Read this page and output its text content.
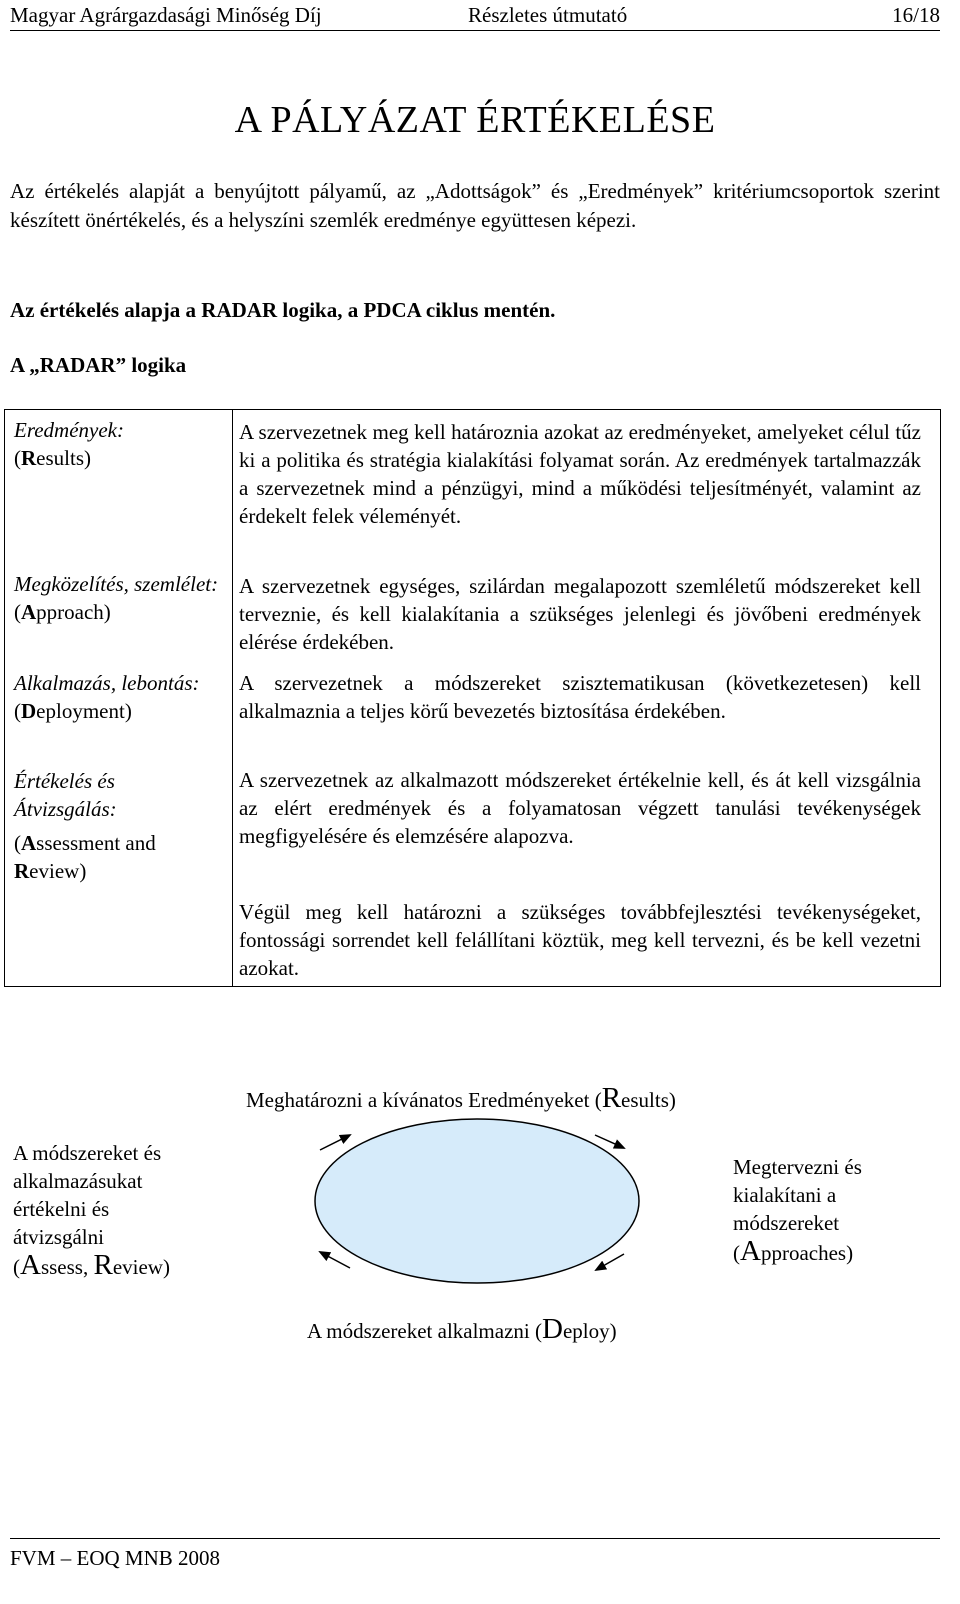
Magyar Agrárgazdasági Minőség Díj	Részletes útmutató	16/18
A PÁLYÁZAT ÉRTÉKELÉSE
Az értékelés alapját a benyújtott pályamű, az „Adottságok” és „Eredmények” kritériumcsoportok szerint készített önértékelés, és a helyszíni szemlék eredménye együttesen képezi.
Az értékelés alapja a RADAR logika, a PDCA ciklus mentén.
A „RADAR” logika
Eredmények:
(Results)
Megközelítés, szemlélet:
(Approach)
Alkalmazás, lebontás:
(Deployment)
Értékelés és Átvizsgálás:
(Assessment and
Review)
A szervezetnek meg kell határoznia azokat az eredményeket, amelyeket célul tűz ki a politika és stratégia kialakítási folyamat során. Az eredmények tartalmazzák a szervezetnek mind a pénzügyi, mind a működési teljesítményét, valamint az érdekelt felek véleményét.
A szervezetnek egységes, szilárdan megalapozott szemléletű módszereket kell terveznie, és kell kialakítania a szükséges jelenlegi és jövőbeni eredmények elérése érdekében.
A szervezetnek a módszereket szisztematikusan (következetesen) kell alkalmaznia a teljes körű bevezetés biztosítása érdekében.
A szervezetnek az alkalmazott módszereket értékelnie kell, és át kell vizsgálnia az elért eredmények és a folyamatosan végzett tanulási tevékenységek megfigyelésére és elemzésére alapozva.
Végül meg kell határozni a szükséges továbbfejlesztési tevékenységeket, fontossági sorrendet kell felállítani köztük, meg kell tervezni, és be kell vezetni azokat.
Meghatározni a kívánatos Eredményeket (Results)
Megtervezni és
kialakítani a
módszereket
(Approaches)
A módszereket alkalmazni (Deploy)
A módszereket és
alkalmazásukat
értékelni és
átvizsgálni
(Assess, Review)
FVM – EOQ MNB 2008
